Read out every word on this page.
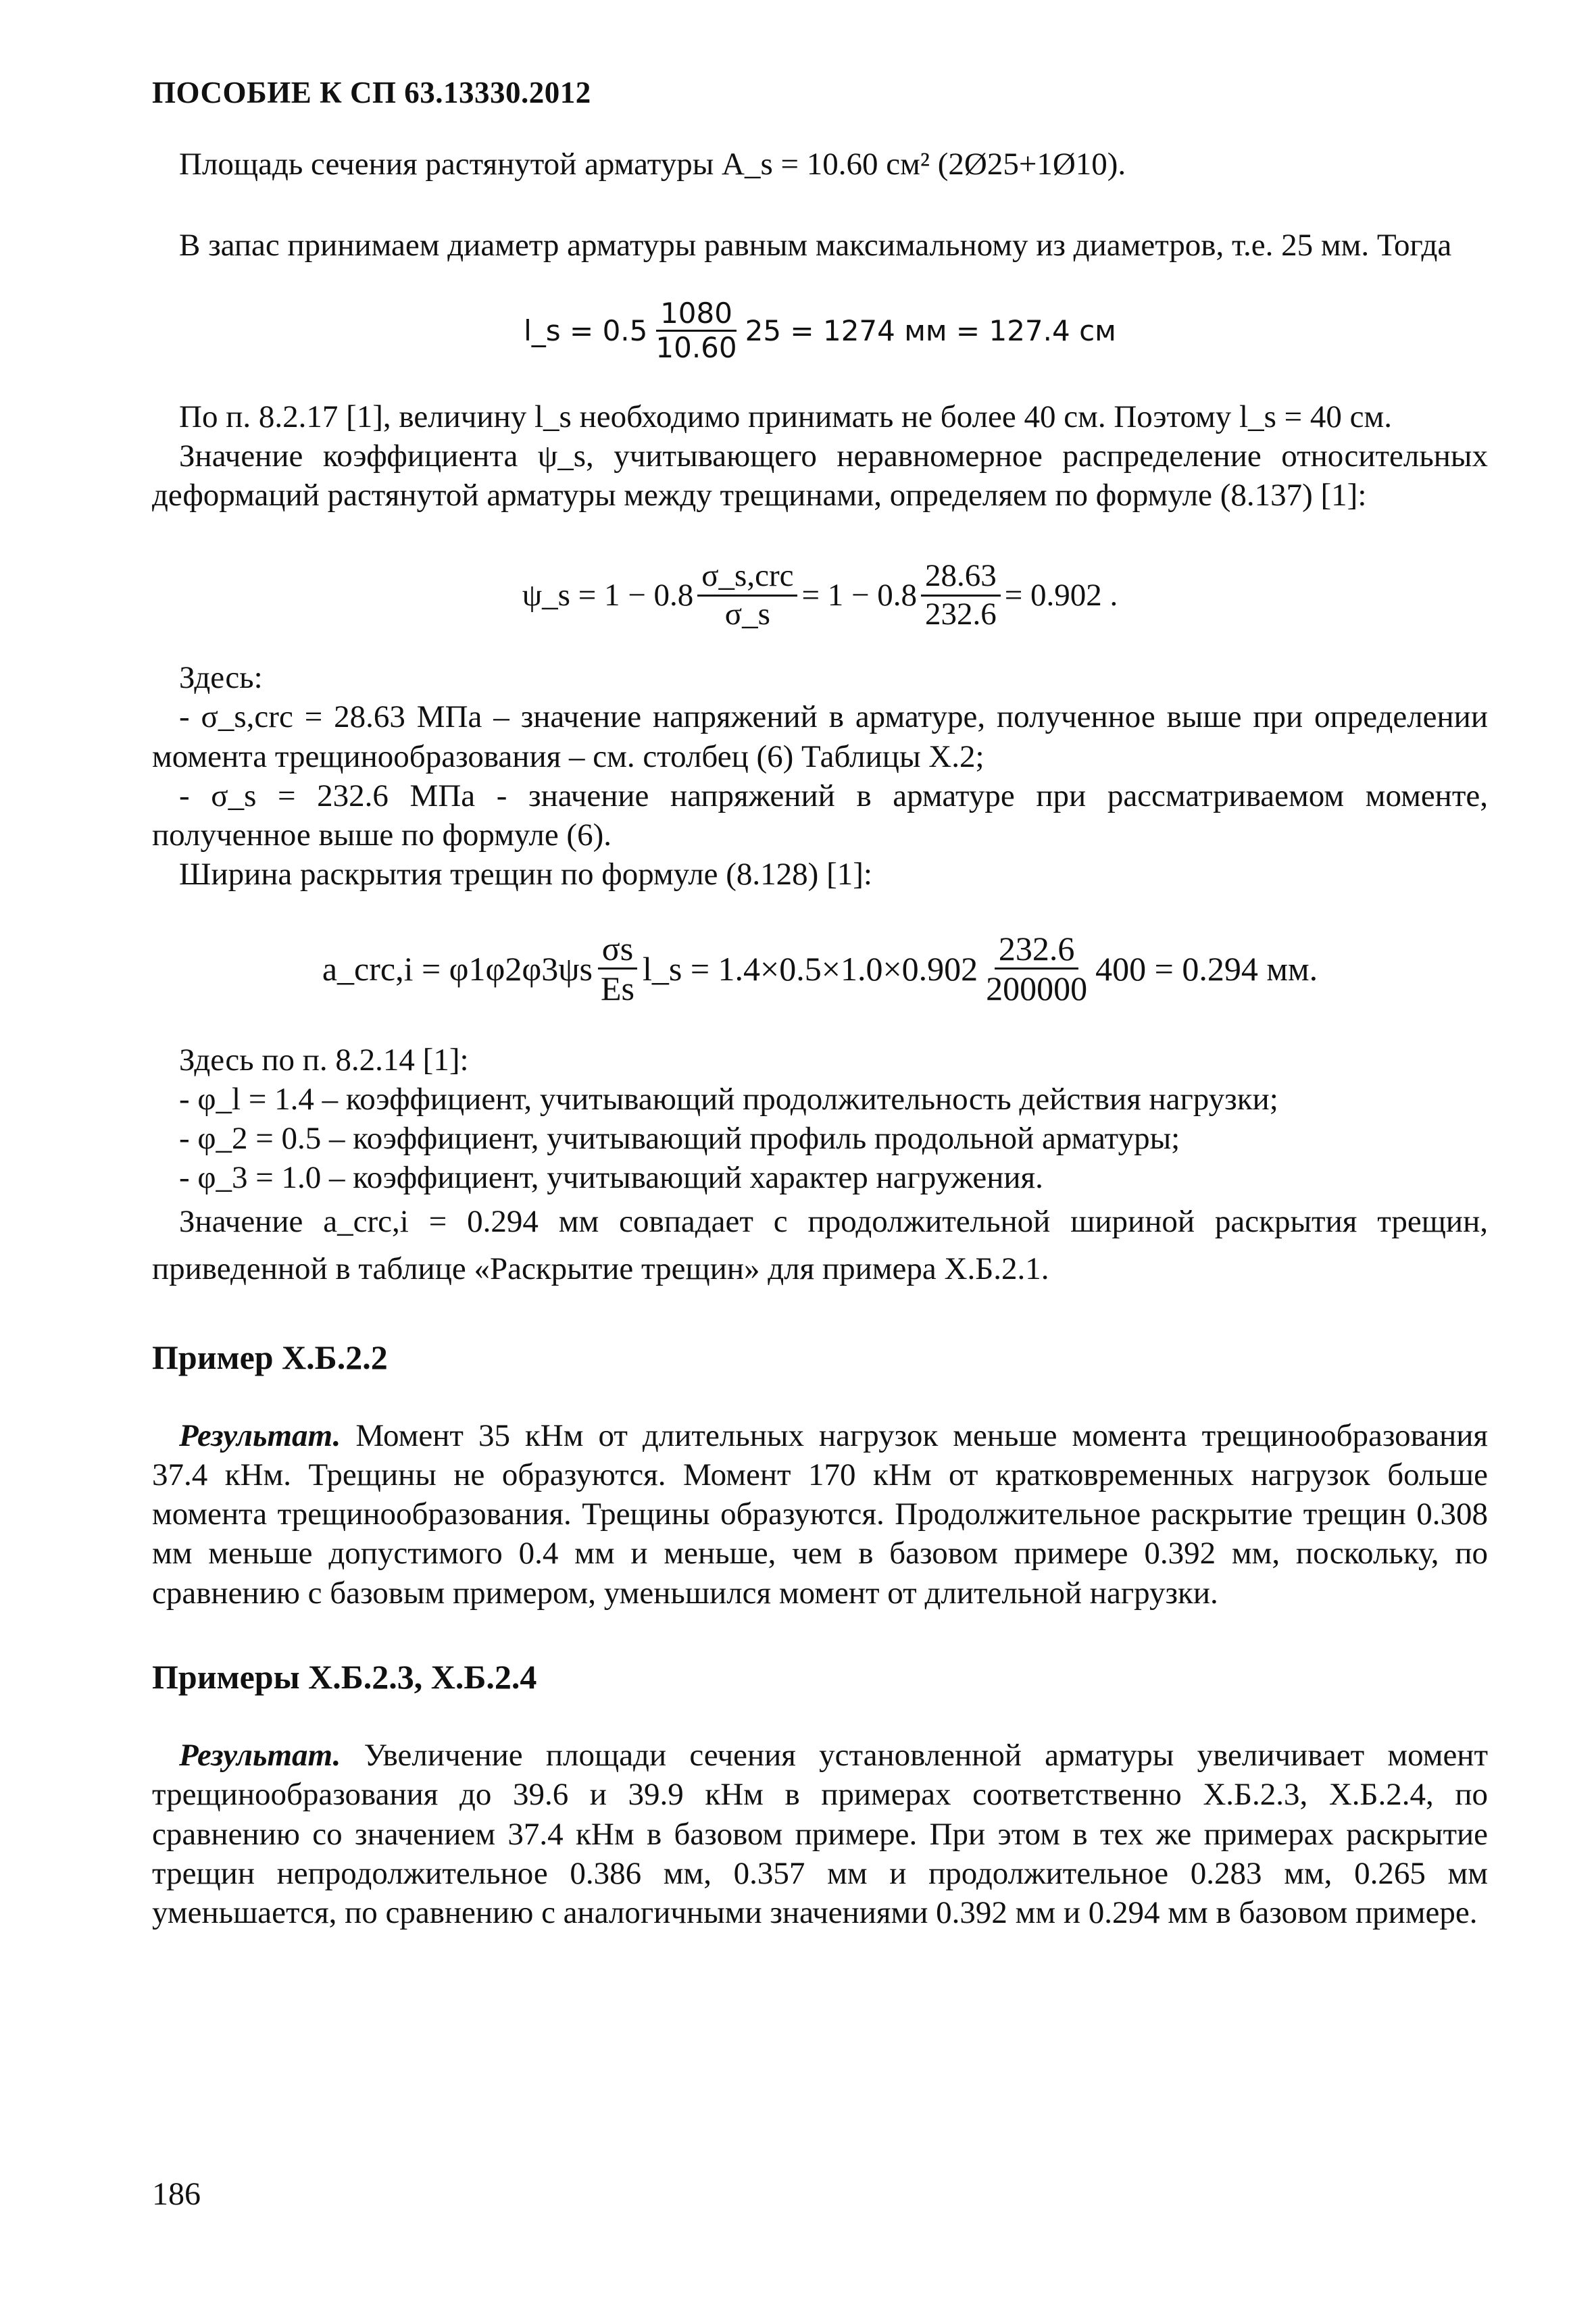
ПОСОБИЕ К СП 63.13330.2012

Площадь сечения растянутой арматуры A_s = 10.60 см² (2Ø25+1Ø10).

В запас принимаем диаметр арматуры равным максимальному из диаметров, т.е. 25 мм. Тогда

l_s = $0.5 \frac{1080}{10.60} 25 = 1274$ мм = 127.4 см

По п. 8.2.17 [1], величину l_s необходимо принимать не более 40 см. Поэтому l_s = 40 см.

Значение коэффициента ψ_s, учитывающего неравномерное распределение относительных деформаций растянутой арматуры между трещинами, определяем по формуле (8.137) [1]:

ψ_s = $1 - 0.8 \frac{\text{σ\_s,crc}}{\sigma\_s} = 1 - 0.8 \frac{28.63}{232.6} = 0.902$ .

Здесь:

- σ_s,crc = 28.63 МПа – значение напряжений в арматуре, полученное выше при определении момента трещинообразования – см. столбец (6) Таблицы X.2;

- σ_s = 232.6 МПа - значение напряжений в арматуре при рассматриваемом моменте, полученное выше по формуле (6).

Ширина раскрытия трещин по формуле (8.128) [1]:

a_crc,i = $\varphi 1\varphi 2\varphi 3\psi s \frac{\sigma s}{Es}$ l_s = $1.4\times 0.5\times 1.0\times 0.902 \frac{232.6}{200000} 400 = 0.294$ мм.

Здесь по п. 8.2.14 [1]:

- φ_l = 1.4 – коэффициент, учитывающий продолжительность действия нагрузки;

- φ_2 = 0.5 – коэффициент, учитывающий профиль продольной арматуры;

- φ_3 = 1.0 – коэффициент, учитывающий характер нагружения.

Значение a_crc,i = 0.294 мм совпадает с продолжительной шириной раскрытия трещин, приведенной в таблице «Раскрытие трещин» для примера Х.Б.2.1.

Пример Х.Б.2.2

Результат. Момент 35 кНм от длительных нагрузок меньше момента трещинообразования 37.4 кНм. Трещины не образуются. Момент 170 кНм от кратковременных нагрузок больше момента трещинообразования. Трещины образуются. Продолжительное раскрытие трещин 0.308 мм меньше допустимого 0.4 мм и меньше, чем в базовом примере 0.392 мм, поскольку, по сравнению с базовым примером, уменьшился момент от длительной нагрузки.

Примеры Х.Б.2.3, Х.Б.2.4

Результат. Увеличение площади сечения установленной арматуры увеличивает момент трещинообразования до 39.6 и 39.9 кНм в примерах соответственно Х.Б.2.3, Х.Б.2.4, по сравнению со значением 37.4 кНм в базовом примере. При этом в тех же примерах раскрытие трещин непродолжительное 0.386 мм, 0.357 мм и продолжительное 0.283 мм, 0.265 мм уменьшается, по сравнению с аналогичными значениями 0.392 мм и 0.294 мм в базовом примере.

186
